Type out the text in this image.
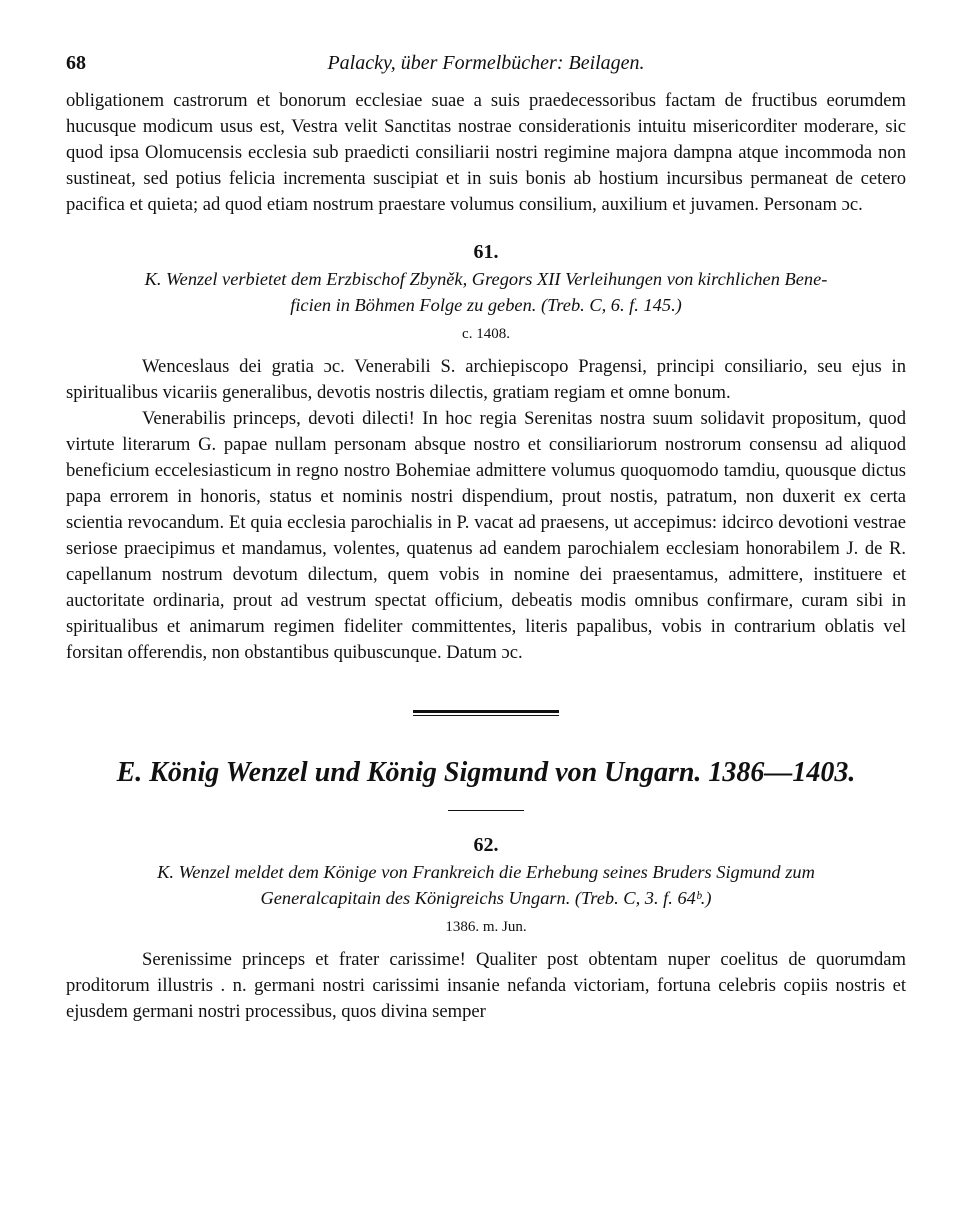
Palacky, über Formelbücher: Beilagen.
68

obligationem castrorum et bonorum ecclesiae suae a suis praedecessoribus factam de fructibus eorumdem hucusque modicum usus est, Vestra velit Sanctitas nostrae considerationis intuitu misericorditer moderare, sic quod ipsa Olomucensis ecclesia sub praedicti consiliarii nostri regimine majora dampna atque incommoda non sustineat, sed potius felicia incrementa suscipiat et in suis bonis ab hostium incursibus permaneat de cetero pacifica et quieta; ad quod etiam nostrum praestare volumus consilium, auxilium et juvamen. Personam ɔc.

61.

K. Wenzel verbietet dem Erzbischof Zbyněk, Gregors XII Verleihungen von kirchlichen Bene-

ficien in Böhmen Folge zu geben. (Treb. C, 6. f. 145.)

c. 1408.

Wenceslaus dei gratia ɔc. Venerabili S. archiepiscopo Pragensi, principi consiliario, seu ejus in spiritualibus vicariis generalibus, devotis nostris dilectis, gratiam regiam et omne bonum.

Venerabilis princeps, devoti dilecti! In hoc regia Serenitas nostra suum solidavit propositum, quod virtute literarum G. papae nullam personam absque nostro et consiliariorum nostrorum consensu ad aliquod beneficium eccelesiasticum in regno nostro Bohemiae admittere volumus quoquomodo tamdiu, quousque dictus papa errorem in honoris, status et nominis nostri dispendium, prout nostis, patratum, non duxerit ex certa scientia revocandum. Et quia ecclesia parochialis in P. vacat ad praesens, ut accepimus: idcirco devotioni vestrae seriose praecipimus et mandamus, volentes, quatenus ad eandem parochialem ecclesiam honorabilem J. de R. capellanum nostrum devotum dilectum, quem vobis in nomine dei praesentamus, admittere, instituere et auctoritate ordinaria, prout ad vestrum spectat officium, debeatis modis omnibus confirmare, curam sibi in spiritualibus et animarum regimen fideliter committentes, literis papalibus, vobis in contrarium oblatis vel forsitan offerendis, non obstantibus quibuscunque. Datum ɔc.

E. König Wenzel und König Sigmund von Ungarn. 1386—1403.
62.

K. Wenzel meldet dem Könige von Frankreich die Erhebung seines Bruders Sigmund zum

Generalcapitain des Königreichs Ungarn. (Treb. C, 3. f. 64ᵇ.)

1386. m. Jun.

Serenissime princeps et frater carissime! Qualiter post obtentam nuper coelitus de quorumdam proditorum illustris . n. germani nostri carissimi insanie nefanda victoriam, fortuna celebris copiis nostris et ejusdem germani nostri processibus, quos divina semper
